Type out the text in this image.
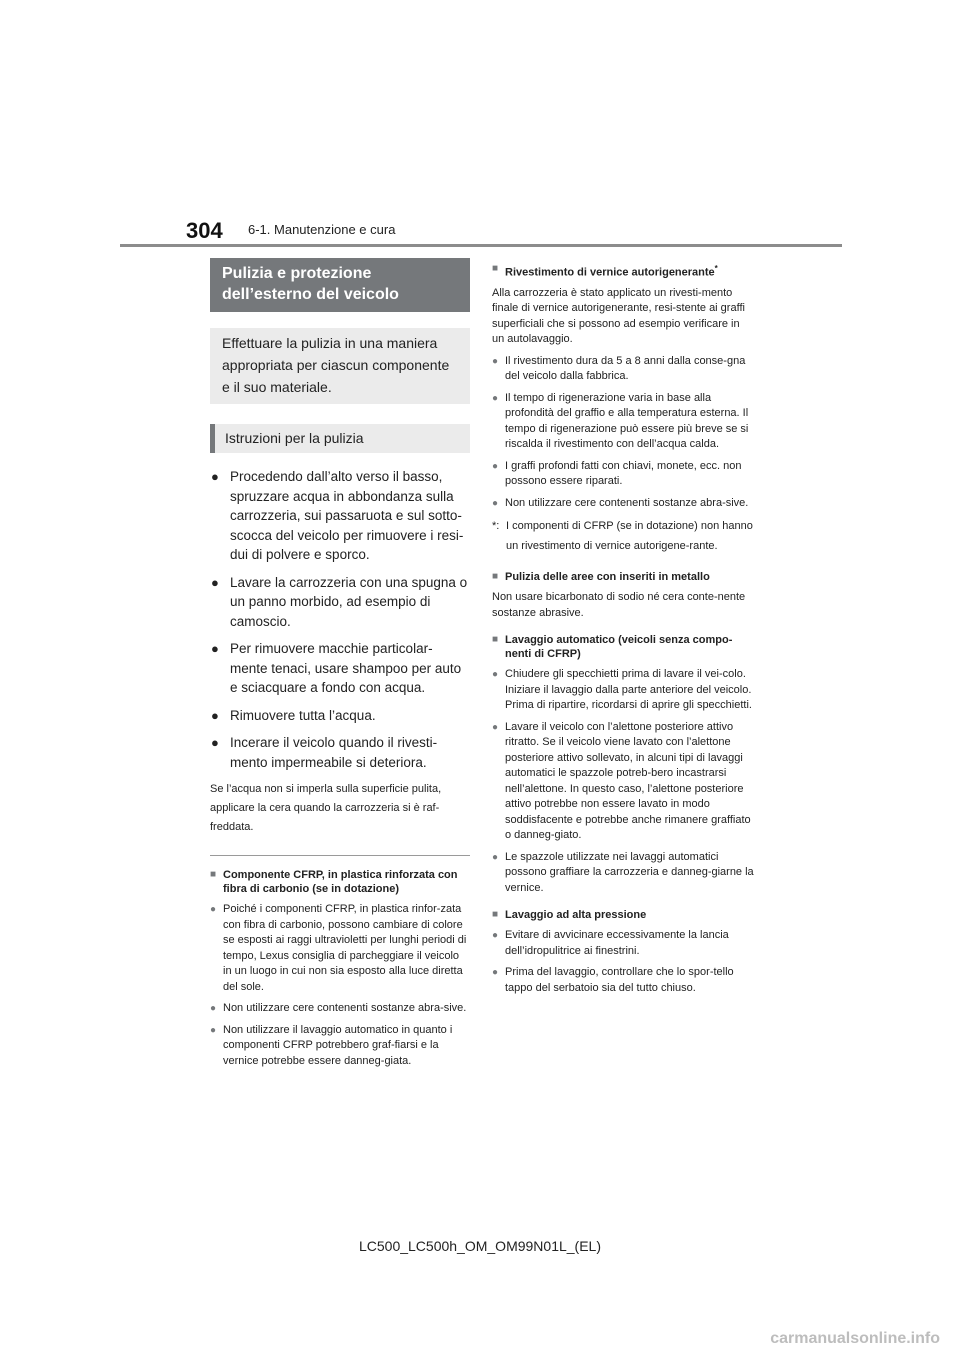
304 6-1. Manutenzione e cura
Pulizia e protezione dell’esterno del veicolo
Effettuare la pulizia in una maniera appropriata per ciascun componente e il suo materiale.
Istruzioni per la pulizia
● Procedendo dall’alto verso il basso, spruzzare acqua in abbondanza sulla carrozzeria, sui passaruota e sul sotto-scocca del veicolo per rimuovere i resi-dui di polvere e sporco.
● Lavare la carrozzeria con una spugna o un panno morbido, ad esempio di camoscio.
● Per rimuovere macchie particolar-mente tenaci, usare shampoo per auto e sciacquare a fondo con acqua.
● Rimuovere tutta l’acqua.
● Incerare il veicolo quando il rivesti-mento impermeabile si deteriora.
Se l’acqua non si imperla sulla superficie pulita, applicare la cera quando la carrozzeria si è raf-freddata.
■ Componente CFRP, in plastica rinforzata con fibra di carbonio (se in dotazione)
● Poiché i componenti CFRP, in plastica rinfor-zata con fibra di carbonio, possono cambiare di colore se esposti ai raggi ultravioletti per lunghi periodi di tempo, Lexus consiglia di parcheggiare il veicolo in un luogo in cui non sia esposto alla luce diretta del sole.
● Non utilizzare cere contenenti sostanze abra-sive.
● Non utilizzare il lavaggio automatico in quanto i componenti CFRP potrebbero graf-fiarsi e la vernice potrebbe essere danneg-giata.
■ Rivestimento di vernice autorigenerante*
Alla carrozzeria è stato applicato un rivesti-mento finale di vernice autorigenerante, resi-stente ai graffi superficiali che si possono ad esempio verificare in un autolavaggio.
● Il rivestimento dura da 5 a 8 anni dalla conse-gna del veicolo dalla fabbrica.
● Il tempo di rigenerazione varia in base alla profondità del graffio e alla temperatura esterna. Il tempo di rigenerazione può essere più breve se si riscalda il rivestimento con dell’acqua calda.
● I graffi profondi fatti con chiavi, monete, ecc. non possono essere riparati.
● Non utilizzare cere contenenti sostanze abra-sive.
*: I componenti di CFRP (se in dotazione) non hanno un rivestimento di vernice autorigene-rante.
■ Pulizia delle aree con inseriti in metallo
Non usare bicarbonato di sodio né cera conte-nente sostanze abrasive.
■ Lavaggio automatico (veicoli senza compo-nenti di CFRP)
● Chiudere gli specchietti prima di lavare il vei-colo. Iniziare il lavaggio dalla parte anteriore del veicolo. Prima di ripartire, ricordarsi di aprire gli specchietti.
● Lavare il veicolo con l’alettone posteriore attivo ritratto. Se il veicolo viene lavato con l’alettone posteriore attivo sollevato, in alcuni tipi di lavaggi automatici le spazzole potreb-bero incastrarsi nell’alettone. In questo caso, l’alettone posteriore attivo potrebbe non essere lavato in modo soddisfacente e potrebbe anche rimanere graffiato o danneg-giato.
● Le spazzole utilizzate nei lavaggi automatici possono graffiare la carrozzeria e danneg-giarne la vernice.
■ Lavaggio ad alta pressione
● Evitare di avvicinare eccessivamente la lancia dell’idropulitrice ai finestrini.
● Prima del lavaggio, controllare che lo spor-tello tappo del serbatoio sia del tutto chiuso.
LC500_LC500h_OM_OM99N01L_(EL)
carmanualsonline.info
